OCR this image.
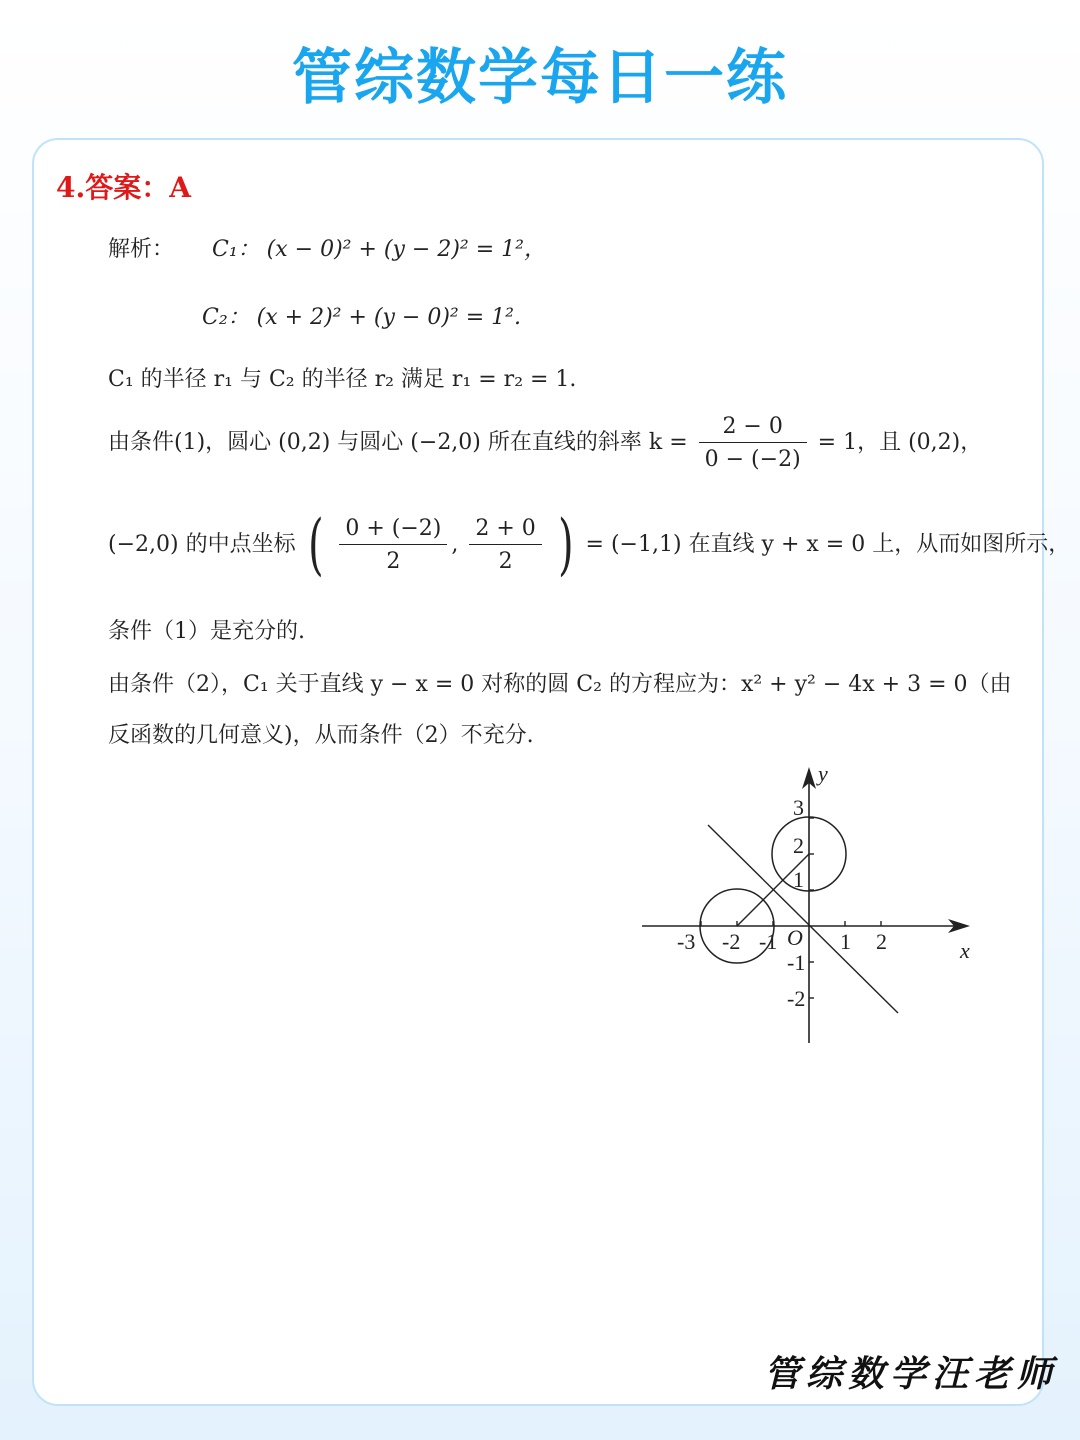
管综数学每日一练
4.答案：A
解析： C₁： (x − 0)² + (y − 2)² = 1²，
C₂： (x + 2)² + (y − 0)² = 1².
C₁ 的半径 r₁ 与 C₂ 的半径 r₂ 满足 r₁ = r₂ = 1.
由条件(1)，圆心 (0,2) 与圆心 (−2,0) 所在直线的斜率 $k = \frac{2 - 0}{0 - (-2)} = 1$，且 (0,2)，
(−2,0) 的中点坐标 ( $\frac{0 + (-2)}{2}$ , $\frac{2 + 0}{2}$ ) = (−1,1) 在直线 y + x = 0 上，从而如图所示，
条件（1）是充分的.
由条件（2），C₁ 关于直线 y − x = 0 对称的圆 C₂ 的方程应为：x² + y² − 4x + 3 = 0（由
反函数的几何意义)，从而条件（2）不充分.
y
x
O
-3 -2 -1	1 2
3
2
1
-1
-2
管综数学汪老师
